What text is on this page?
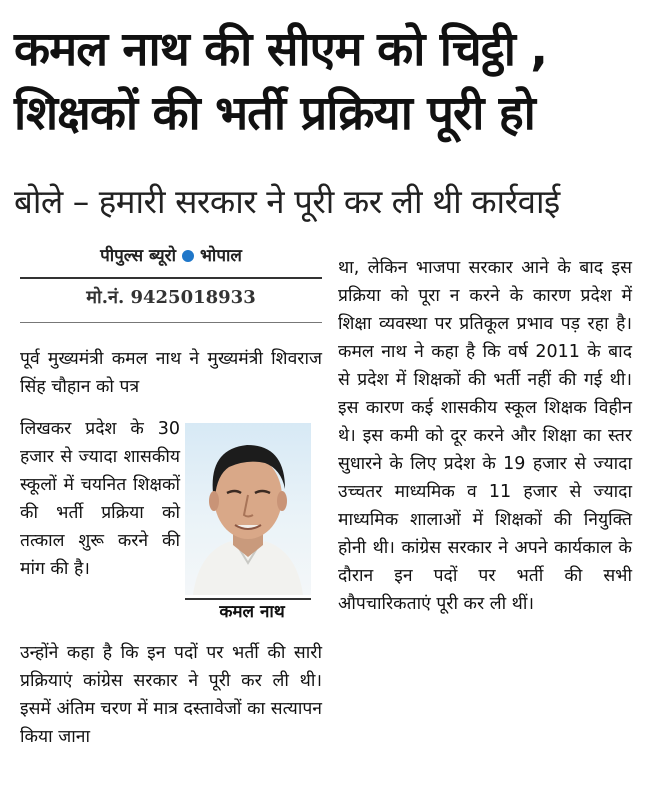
कमल नाथ की सीएम को चिट्ठी ,
शिक्षकों की भर्ती प्रक्रिया पूरी हो
बोले – हमारी सरकार ने पूरी कर ली थी कार्रवाई
पीपुल्स ब्यूरो भोपाल
मो.नं. 9425018933

पूर्व मुख्यमंत्री कमल नाथ ने मुख्यमंत्री शिवराज सिंह चौहान को पत्र

लिखकर प्रदेश के 30 हजार से ज्यादा शासकीय स्कूलों में चयनित शिक्षकों की भर्ती प्रक्रिया को तत्काल शुरू करने की मांग की है।

कमल नाथ

उन्होंने कहा है कि इन पदों पर भर्ती की सारी प्रक्रियाएं कांग्रेस सरकार ने पूरी कर ली थी। इसमें अंतिम चरण में मात्र दस्तावेजों का सत्यापन किया जाना

था, लेकिन भाजपा सरकार आने के बाद इस प्रक्रिया को पूरा न करने के कारण प्रदेश में शिक्षा व्यवस्था पर प्रतिकूल प्रभाव पड़ रहा है। कमल नाथ ने कहा है कि वर्ष 2011 के बाद से प्रदेश में शिक्षकों की भर्ती नहीं की गई थी। इस कारण कई शासकीय स्कूल शिक्षक विहीन थे। इस कमी को दूर करने और शिक्षा का स्तर सुधारने के लिए प्रदेश के 19 हजार से ज्यादा उच्चतर माध्यमिक व 11 हजार से ज्यादा माध्यमिक शालाओं में शिक्षकों की नियुक्ति होनी थी। कांग्रेस सरकार ने अपने कार्यकाल के दौरान इन पदों पर भर्ती की सभी औपचारिकताएं पूरी कर ली थीं।
